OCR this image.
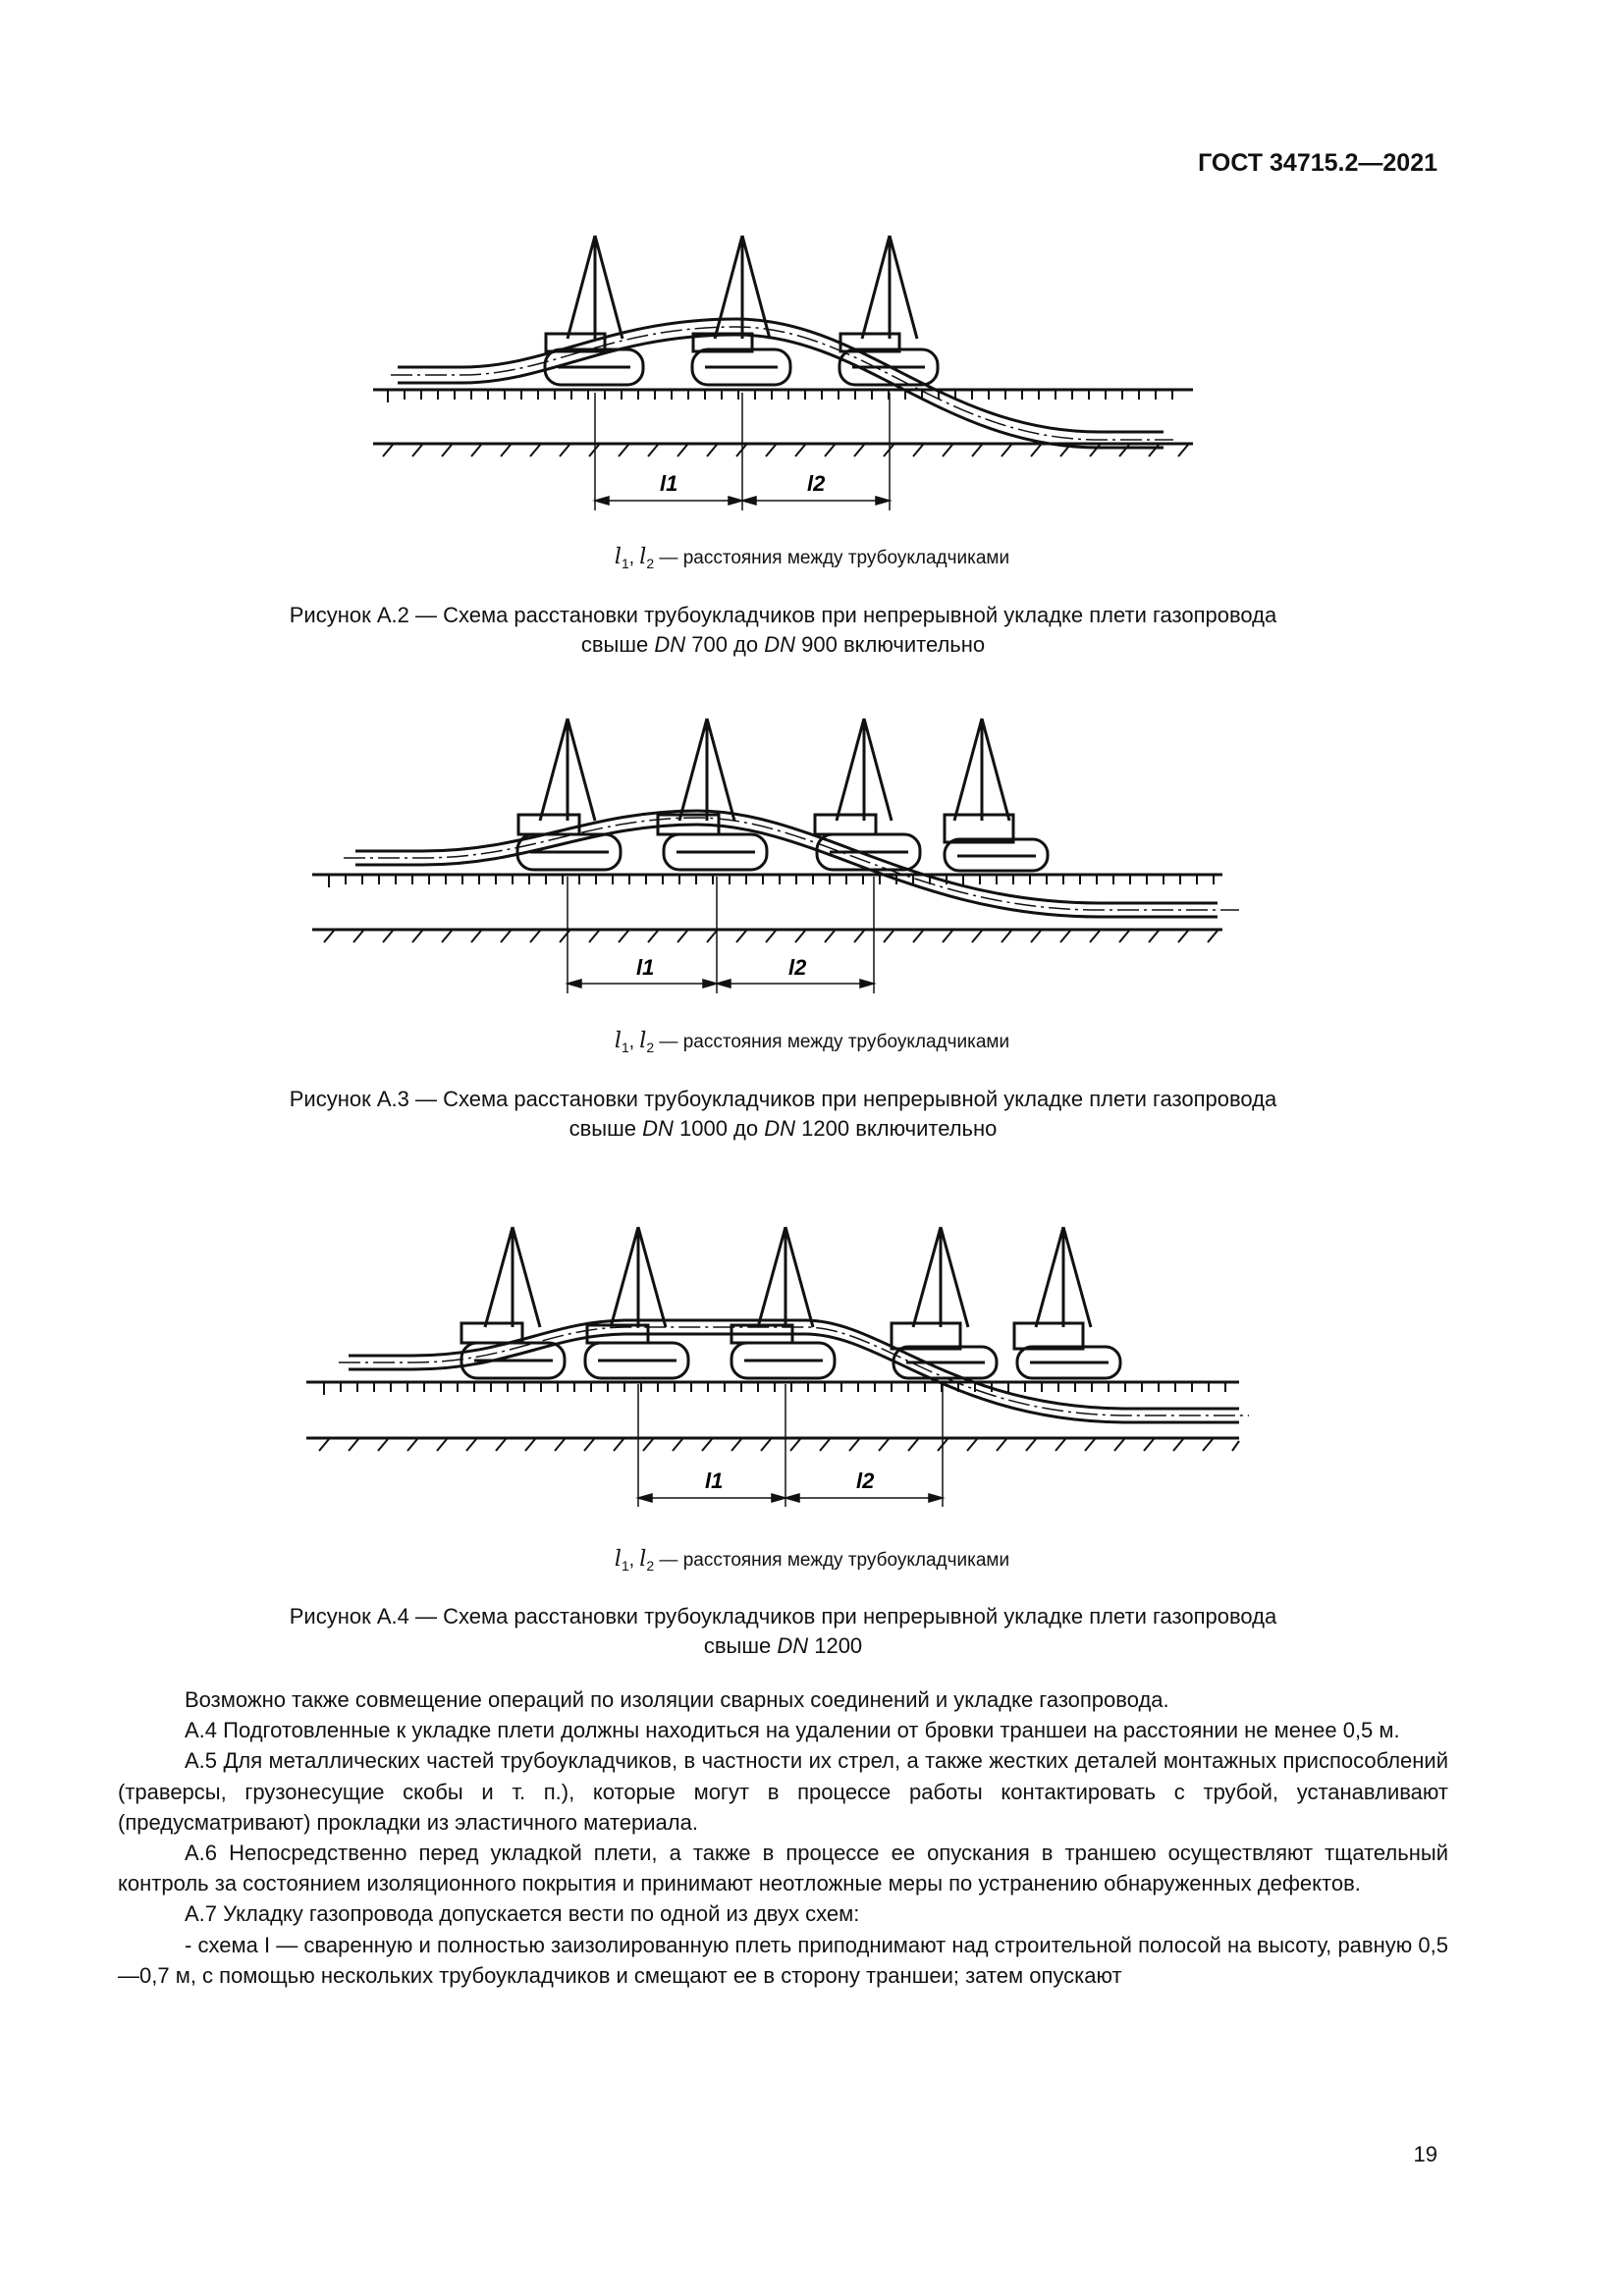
ГОСТ 34715.2—2021
l1	l2
$l_1$, $l_2$ — расстояния между трубоукладчиками
Рисунок А.2 — Схема расстановки трубоукладчиков при непрерывной укладке плети газопровода
свыше DN 700 до DN 900 включительно
l1	l2
$l_1$, $l_2$ — расстояния между трубоукладчиками
Рисунок А.3 — Схема расстановки трубоукладчиков при непрерывной укладке плети газопровода
свыше DN 1000 до DN 1200 включительно
l1	l2
$l_1$, $l_2$ — расстояния между трубоукладчиками
Рисунок А.4 — Схема расстановки трубоукладчиков при непрерывной укладке плети газопровода
свыше DN 1200

Возможно также совмещение операций по изоляции сварных соединений и укладке газопровода.

А.4 Подготовленные к укладке плети должны находиться на удалении от бровки траншеи на расстоянии не менее 0,5 м.

А.5 Для металлических частей трубоукладчиков, в частности их стрел, а также жестких деталей монтажных приспособлений (траверсы, грузонесущие скобы и т. п.), которые могут в процессе работы контактировать с трубой, устанавливают (предусматривают) прокладки из эластичного материала.

А.6 Непосредственно перед укладкой плети, а также в процессе ее опускания в траншею осуществляют тщательный контроль за состоянием изоляционного покрытия и принимают неотложные меры по устранению обнаруженных дефектов.

А.7 Укладку газопровода допускается вести по одной из двух схем:

- схема I — сваренную и полностью заизолированную плеть приподнимают над строительной полосой на высоту, равную 0,5—0,7 м, с помощью нескольких трубоукладчиков и смещают ее в сторону траншеи; затем опускают

19
